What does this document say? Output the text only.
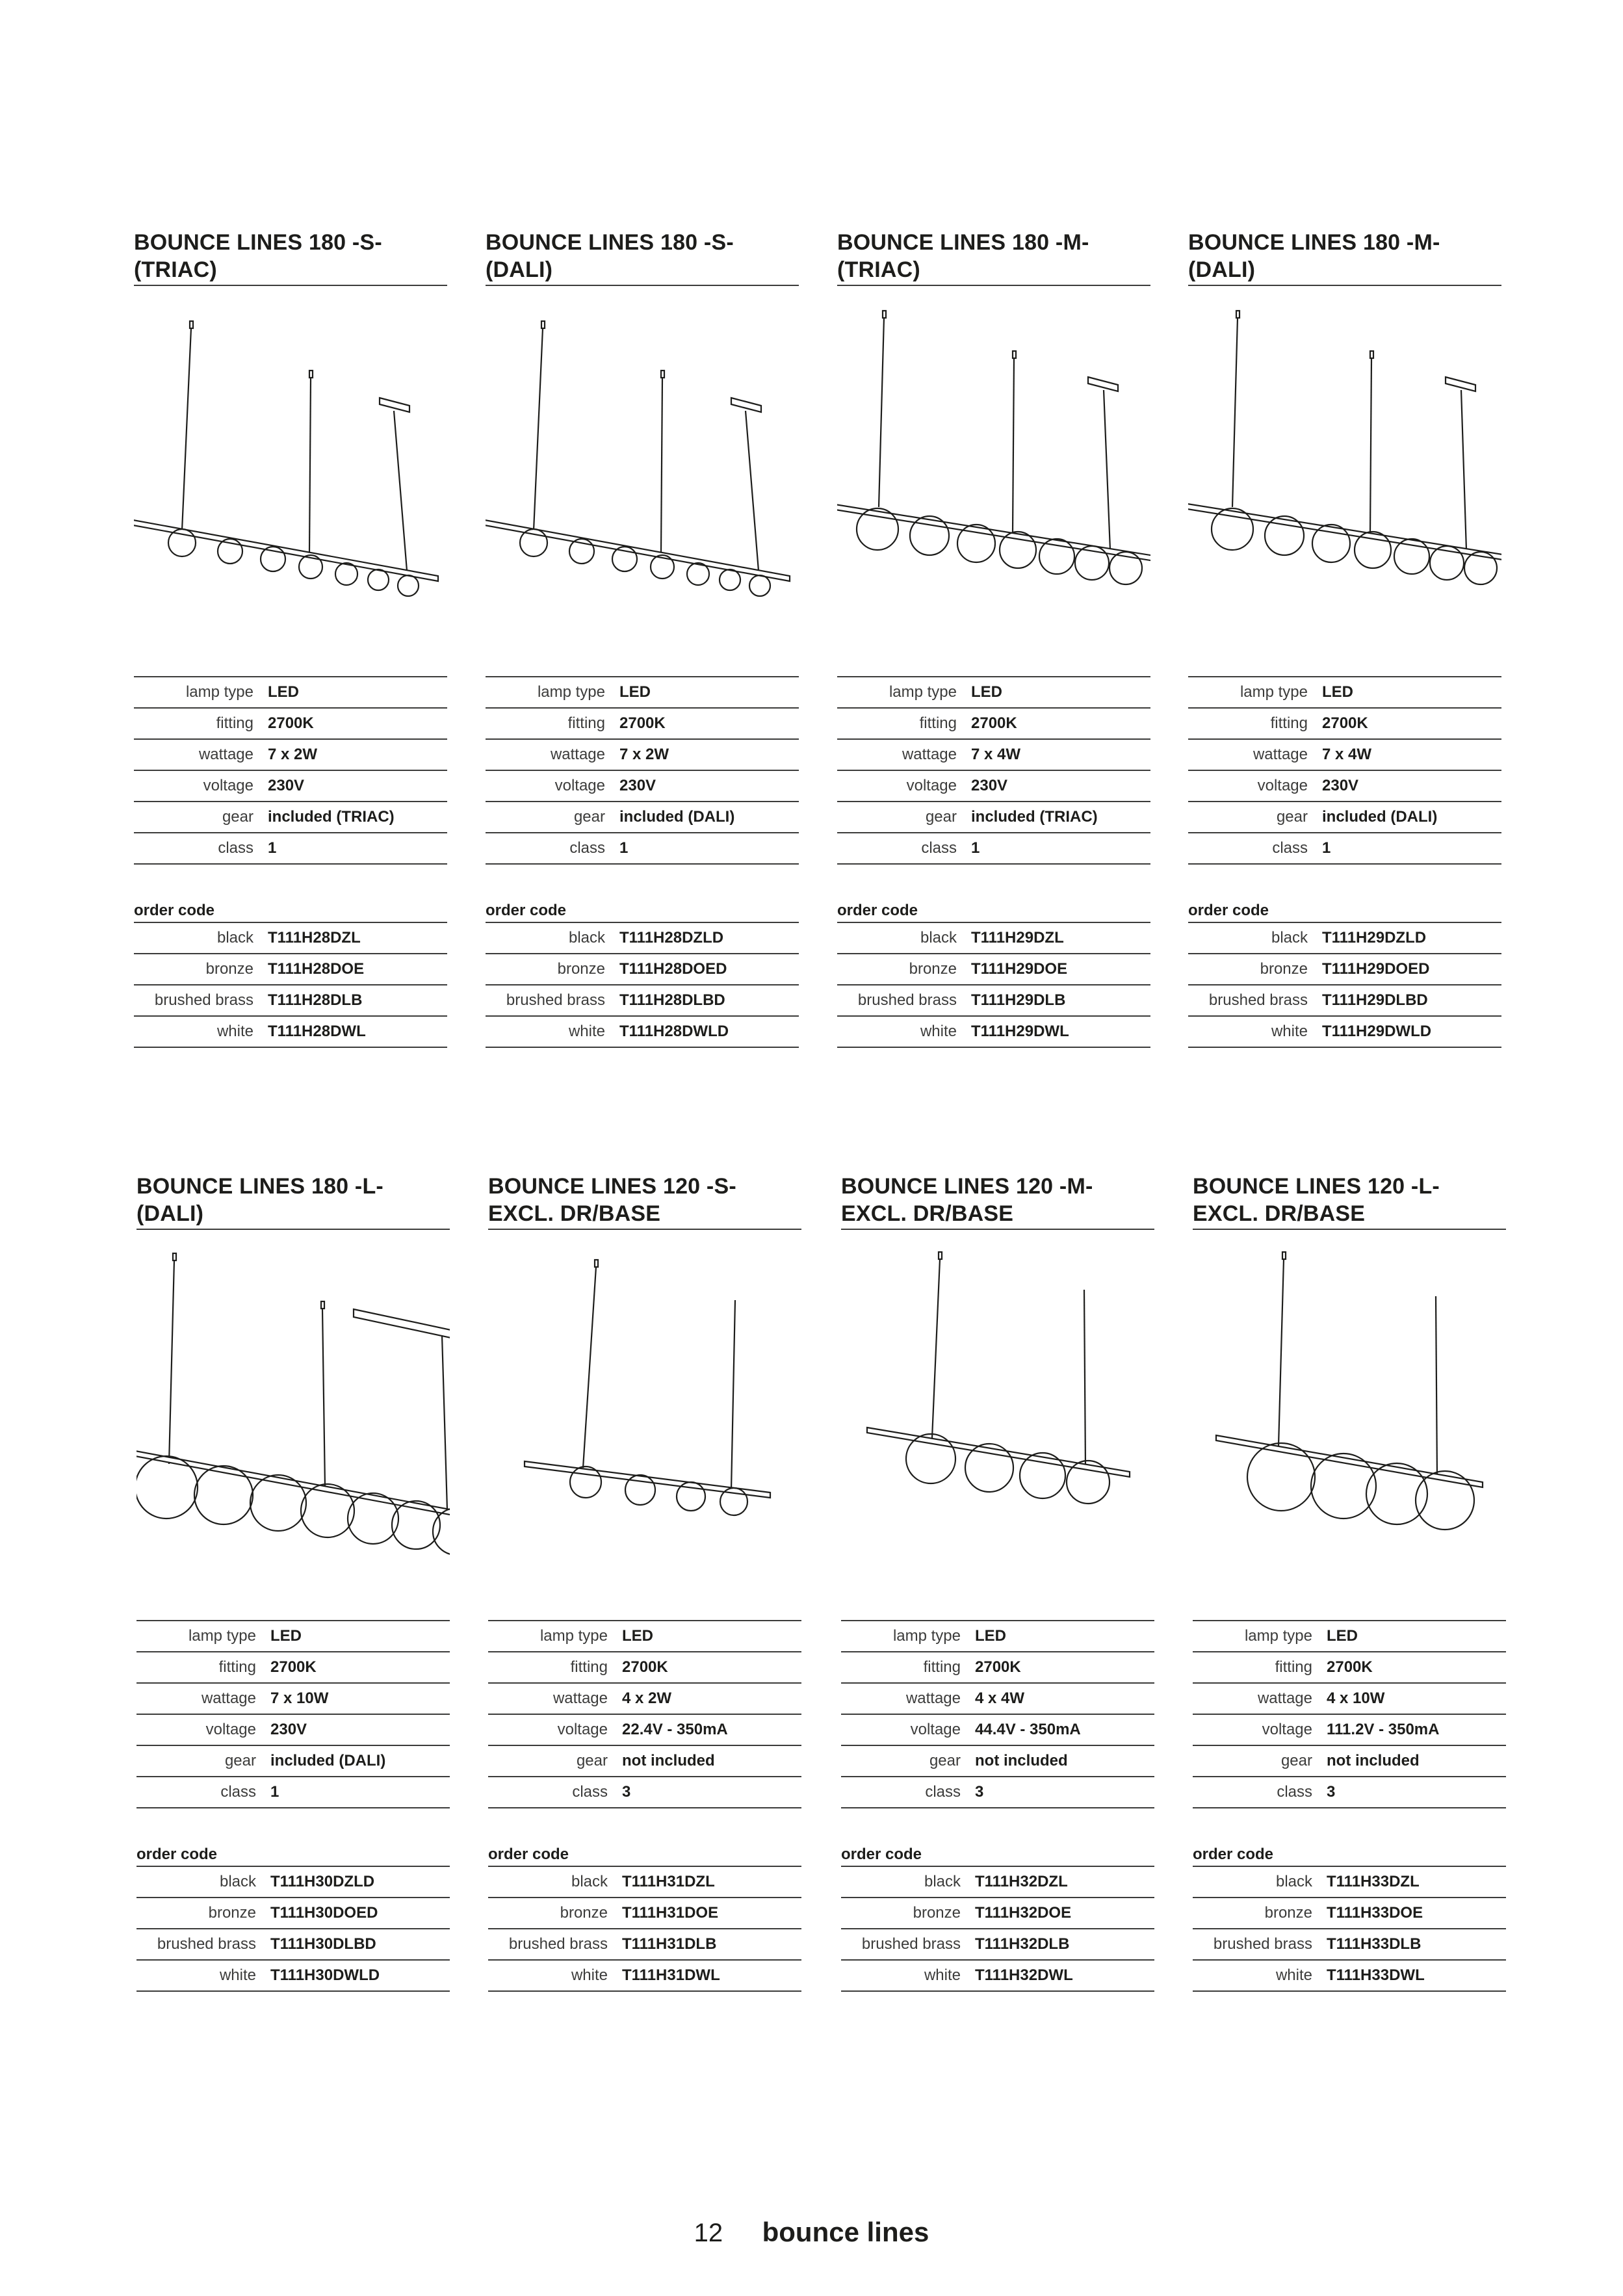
BOUNCE LINES 180 -S-
(TRIAC)
lamp type	LED
fitting	2700K
wattage	7 x 2W
voltage	230V
gear	included (TRIAC)
class	1
order code
black	T111H28DZL
bronze	T111H28DOE
brushed brass	T111H28DLB
white	T111H28DWL
BOUNCE LINES 180 -S-
(DALI)
lamp type	LED
fitting	2700K
wattage	7 x 2W
voltage	230V
gear	included (DALI)
class	1
order code
black	T111H28DZLD
bronze	T111H28DOED
brushed brass	T111H28DLBD
white	T111H28DWLD
BOUNCE LINES 180 -M-
(TRIAC)
lamp type	LED
fitting	2700K
wattage	7 x 4W
voltage	230V
gear	included (TRIAC)
class	1
order code
black	T111H29DZL
bronze	T111H29DOE
brushed brass	T111H29DLB
white	T111H29DWL
BOUNCE LINES 180 -M-
(DALI)
lamp type	LED
fitting	2700K
wattage	7 x 4W
voltage	230V
gear	included (DALI)
class	1
order code
black	T111H29DZLD
bronze	T111H29DOED
brushed brass	T111H29DLBD
white	T111H29DWLD
BOUNCE LINES 180 -L-
(DALI)
lamp type	LED
fitting	2700K
wattage	7 x 10W
voltage	230V
gear	included (DALI)
class	1
order code
black	T111H30DZLD
bronze	T111H30DOED
brushed brass	T111H30DLBD
white	T111H30DWLD
BOUNCE LINES 120 -S-
EXCL. DR/BASE
lamp type	LED
fitting	2700K
wattage	4 x 2W
voltage	22.4V - 350mA
gear	not included
class	3
order code
black	T111H31DZL
bronze	T111H31DOE
brushed brass	T111H31DLB
white	T111H31DWL
BOUNCE LINES 120 -M-
EXCL. DR/BASE
lamp type	LED
fitting	2700K
wattage	4 x 4W
voltage	44.4V - 350mA
gear	not included
class	3
order code
black	T111H32DZL
bronze	T111H32DOE
brushed brass	T111H32DLB
white	T111H32DWL
BOUNCE LINES 120 -L-
EXCL. DR/BASE
lamp type	LED
fitting	2700K
wattage	4 x 10W
voltage	111.2V - 350mA
gear	not included
class	3
order code
black	T111H33DZL
bronze	T111H33DOE
brushed brass	T111H33DLB
white	T111H33DWL
12 bounce lines
